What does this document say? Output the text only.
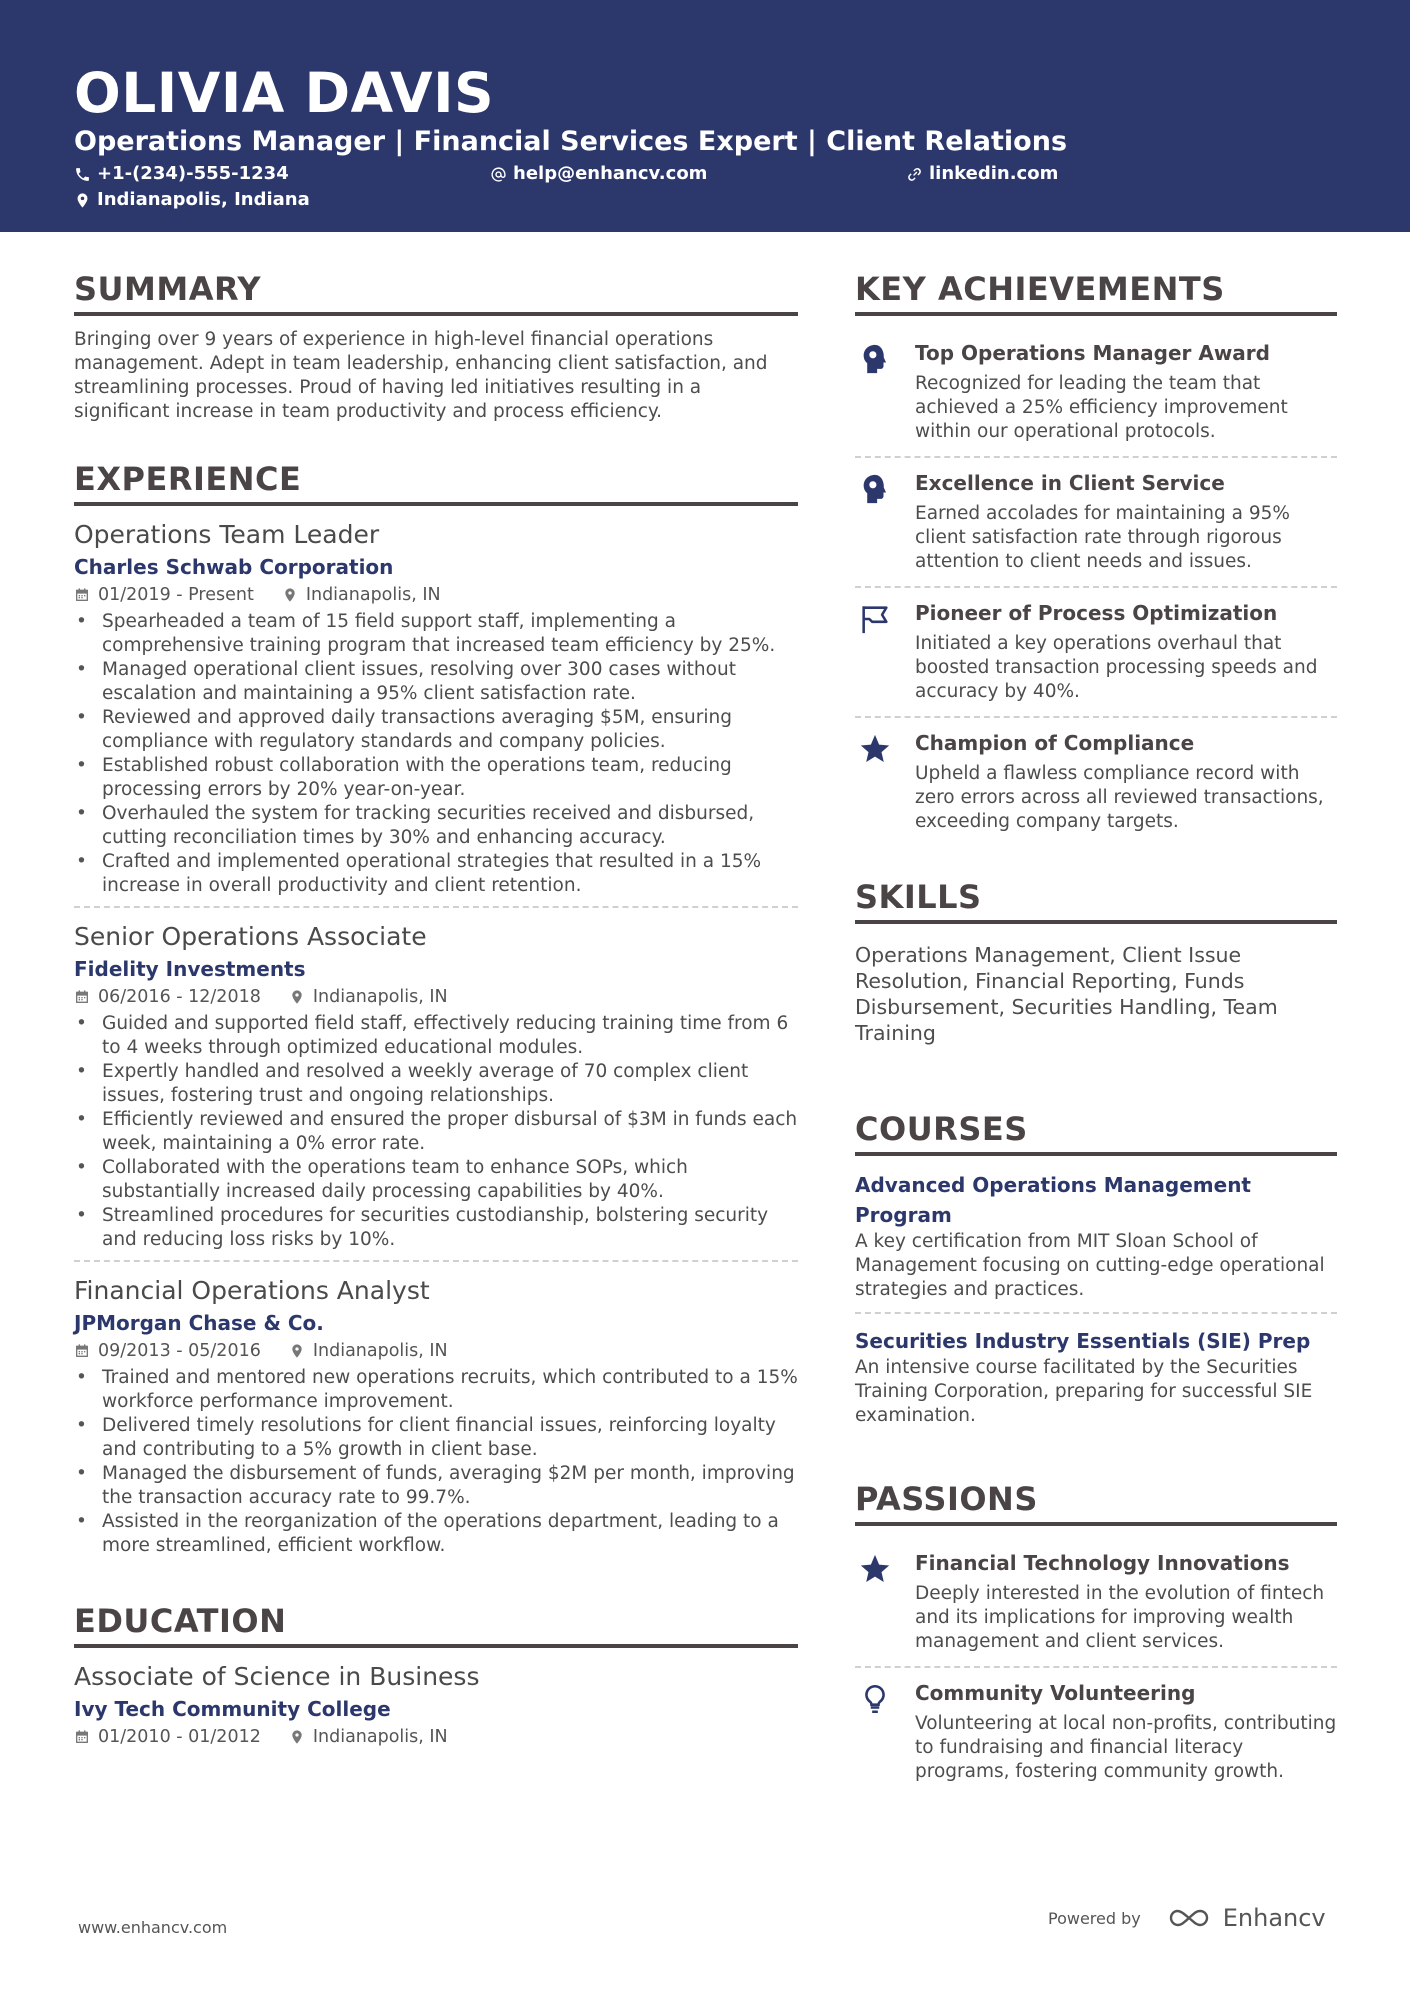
OLIVIA DAVIS
Operations Manager | Financial Services Expert | Client Relations
+1-(234)-555-1234	help@enhancv.com	linkedin.com
Indianapolis, Indiana
SUMMARY
Bringing over 9 years of experience in high-level financial operations management. Adept in team leadership, enhancing client satisfaction, and streamlining processes. Proud of having led initiatives resulting in a significant increase in team productivity and process efficiency.
EXPERIENCE
Operations Team Leader
Charles Schwab Corporation
01/2019 - Present	Indianapolis, IN
• Spearheaded a team of 15 field support staff, implementing a comprehensive training program that increased team efficiency by 25%.
• Managed operational client issues, resolving over 300 cases without escalation and maintaining a 95% client satisfaction rate.
• Reviewed and approved daily transactions averaging $5M, ensuring compliance with regulatory standards and company policies.
• Established robust collaboration with the operations team, reducing processing errors by 20% year-on-year.
• Overhauled the system for tracking securities received and disbursed, cutting reconciliation times by 30% and enhancing accuracy.
• Crafted and implemented operational strategies that resulted in a 15% increase in overall productivity and client retention.
Senior Operations Associate
Fidelity Investments
06/2016 - 12/2018	Indianapolis, IN
• Guided and supported field staff, effectively reducing training time from 6 to 4 weeks through optimized educational modules.
• Expertly handled and resolved a weekly average of 70 complex client issues, fostering trust and ongoing relationships.
• Efficiently reviewed and ensured the proper disbursal of $3M in funds each week, maintaining a 0% error rate.
• Collaborated with the operations team to enhance SOPs, which substantially increased daily processing capabilities by 40%.
• Streamlined procedures for securities custodianship, bolstering security and reducing loss risks by 10%.
Financial Operations Analyst
JPMorgan Chase & Co.
09/2013 - 05/2016	Indianapolis, IN
• Trained and mentored new operations recruits, which contributed to a 15% workforce performance improvement.
• Delivered timely resolutions for client financial issues, reinforcing loyalty and contributing to a 5% growth in client base.
• Managed the disbursement of funds, averaging $2M per month, improving the transaction accuracy rate to 99.7%.
• Assisted in the reorganization of the operations department, leading to a more streamlined, efficient workflow.
EDUCATION
Associate of Science in Business
Ivy Tech Community College
01/2010 - 01/2012	Indianapolis, IN
KEY ACHIEVEMENTS
Top Operations Manager Award
Recognized for leading the team that achieved a 25% efficiency improvement within our operational protocols.
Excellence in Client Service
Earned accolades for maintaining a 95% client satisfaction rate through rigorous attention to client needs and issues.
Pioneer of Process Optimization
Initiated a key operations overhaul that boosted transaction processing speeds and accuracy by 40%.
Champion of Compliance
Upheld a flawless compliance record with zero errors across all reviewed transactions, exceeding company targets.
SKILLS
Operations Management, Client Issue Resolution, Financial Reporting, Funds Disbursement, Securities Handling, Team Training
COURSES
Advanced Operations Management Program
A key certification from MIT Sloan School of Management focusing on cutting-edge operational strategies and practices.
Securities Industry Essentials (SIE) Prep
An intensive course facilitated by the Securities Training Corporation, preparing for successful SIE examination.
PASSIONS
Financial Technology Innovations
Deeply interested in the evolution of fintech and its implications for improving wealth management and client services.
Community Volunteering
Volunteering at local non-profits, contributing to fundraising and financial literacy programs, fostering community growth.
www.enhancv.com	Powered by	Enhancv
